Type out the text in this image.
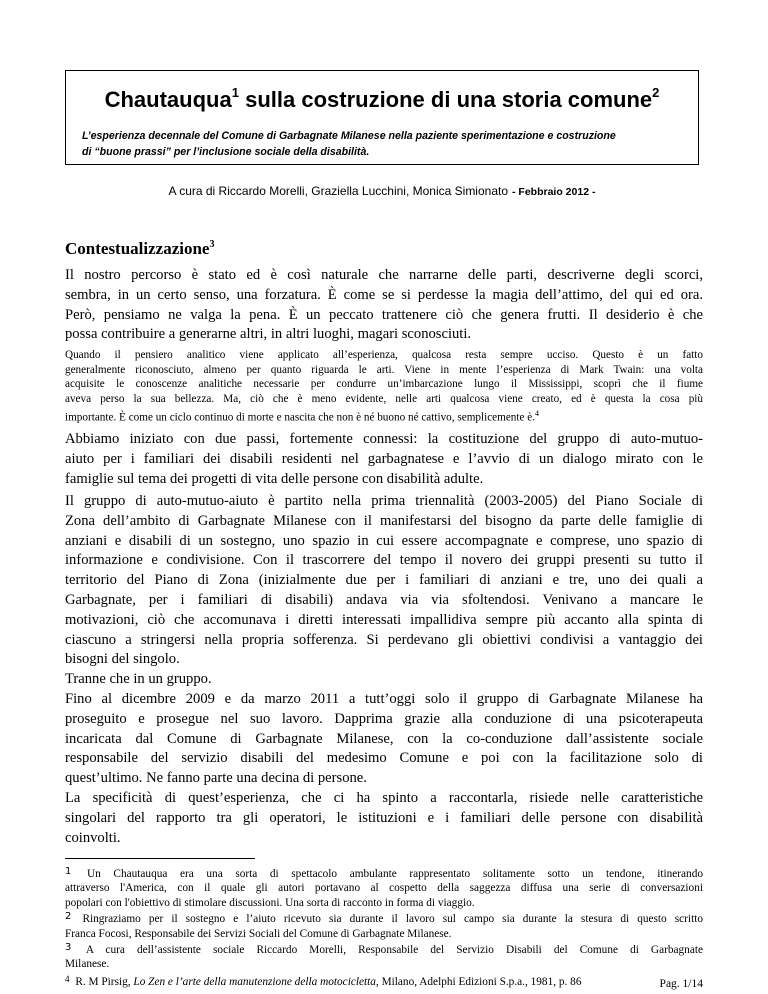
Chautauqua$^1$ sulla costruzione di una storia comune$^2$
L’esperienza decennale del Comune di Garbagnate Milanese nella paziente sperimentazione e costruzione
di “buone prassi” per l’inclusione sociale della disabilità.
A cura di Riccardo Morelli, Graziella Lucchini, Monica Simionato - Febbraio 2012 -
Contestualizzazione$^3$
Il nostro percorso è stato ed è così naturale che narrarne delle parti, descriverne degli scorci,
sembra, in un certo senso, una forzatura. È come se si perdesse la magia dell’attimo, del qui ed ora.
Però, pensiamo ne valga la pena. È un peccato trattenere ciò che genera frutti. Il desiderio è che
possa contribuire a generarne altri, in altri luoghi, magari sconosciuti.
Quando il pensiero analitico viene applicato all’esperienza, qualcosa resta sempre ucciso. Questo è un fatto
generalmente riconosciuto, almeno per quanto riguarda le arti. Viene in mente l’esperienza di Mark Twain: una volta
acquisite le conoscenze analitiche necessarie per condurre un’imbarcazione lungo il Mississippi, scoprì che il fiume
aveva perso la sua bellezza. Ma, ciò che è meno evidente, nelle arti qualcosa viene creato, ed è questa la cosa più
importante. È come un ciclo continuo di morte e nascita che non è né buono né cattivo, semplicemente è.$^4$
Abbiamo iniziato con due passi, fortemente connessi: la costituzione del gruppo di auto-mutuo-
aiuto per i familiari dei disabili residenti nel garbagnatese e l’avvio di un dialogo mirato con le
famiglie sul tema dei progetti di vita delle persone con disabilità adulte.
Il gruppo di auto-mutuo-aiuto è partito nella prima triennalità (2003-2005) del Piano Sociale di
Zona dell’ambito di Garbagnate Milanese con il manifestarsi del bisogno da parte delle famiglie di
anziani e disabili di un sostegno, uno spazio in cui essere accompagnate e comprese, uno spazio di
informazione e condivisione. Con il trascorrere del tempo il novero dei gruppi presenti su tutto il
territorio del Piano di Zona (inizialmente due per i familiari di anziani e tre, uno dei quali a
Garbagnate, per i familiari di disabili) andava via via sfoltendosi. Venivano a mancare le
motivazioni, ciò che accomunava i diretti interessati impallidiva sempre più accanto alla spinta di
ciascuno a stringersi nella propria sofferenza. Si perdevano gli obiettivi condivisi a vantaggio dei
bisogni del singolo.
Tranne che in un gruppo.
Fino al dicembre 2009 e da marzo 2011 a tutt’oggi solo il gruppo di Garbagnate Milanese ha
proseguito e prosegue nel suo lavoro. Dapprima grazie alla conduzione di una psicoterapeuta
incaricata dal Comune di Garbagnate Milanese, con la co-conduzione dall’assistente sociale
responsabile del servizio disabili del medesimo Comune e poi con la facilitazione solo di
quest’ultimo. Ne fanno parte una decina di persone.
La specificità di quest’esperienza, che ci ha spinto a raccontarla, risiede nelle caratteristiche
singolari del rapporto tra gli operatori, le istituzioni e i familiari delle persone con disabilità
coinvolti.
1 Un Chautauqua era una sorta di spettacolo ambulante rappresentato solitamente sotto un tendone, itinerando
attraverso l'America, con il quale gli autori portavano al cospetto della saggezza diffusa una serie di conversazioni
popolari con l'obiettivo di stimolare discussioni. Una sorta di racconto in forma di viaggio.
2 Ringraziamo per il sostegno e l’aiuto ricevuto sia durante il lavoro sul campo sia durante la stesura di questo scritto
Franca Focosi, Responsabile dei Servizi Sociali del Comune di Garbagnate Milanese.
3 A cura dell’assistente sociale Riccardo Morelli, Responsabile del Servizio Disabili del Comune di Garbagnate
Milanese.
$^4$ R. M Pirsig, Lo Zen e l’arte della manutenzione della motocicletta, Milano, Adelphi Edizioni S.p.a., 1981, p. 86	Pag. 1/14
